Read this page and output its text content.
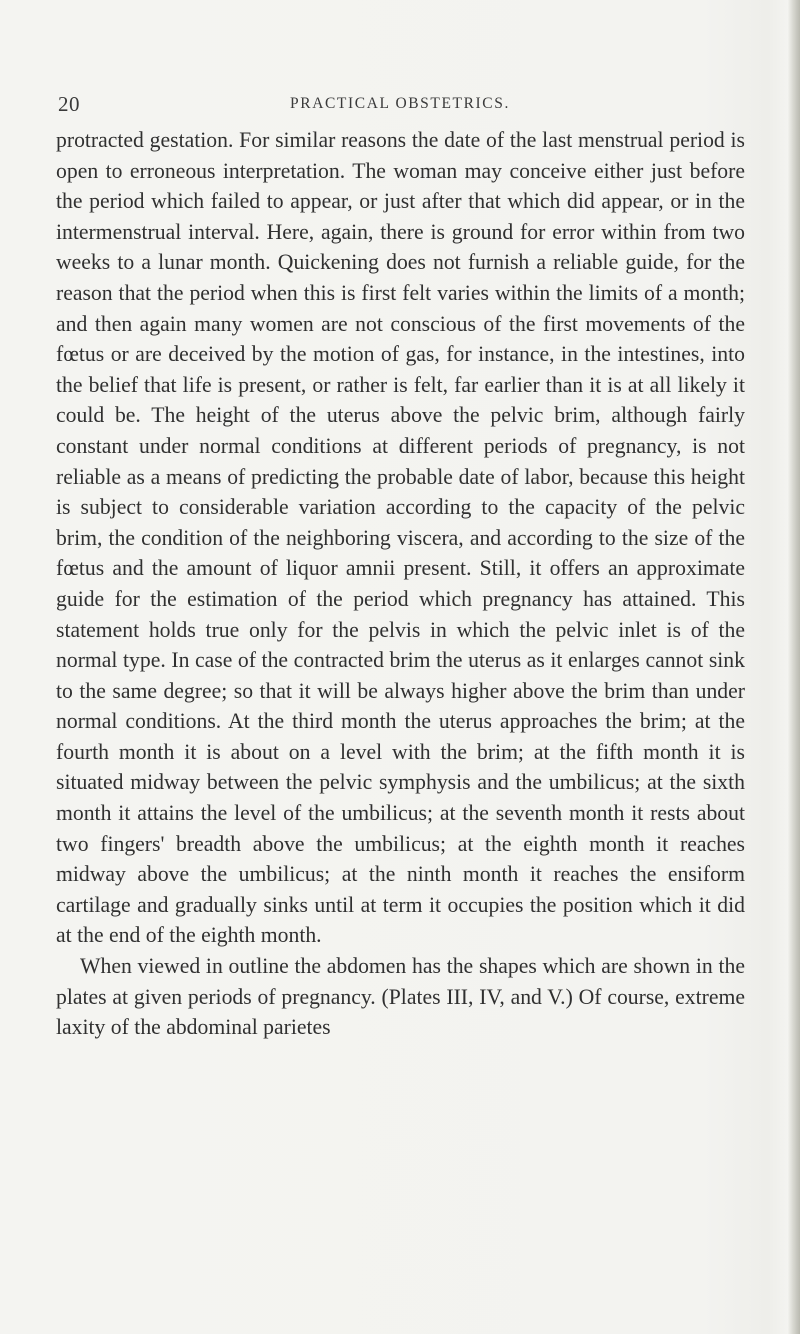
20	PRACTICAL OBSTETRICS.

protracted gestation. For similar reasons the date of the last menstrual period is open to erroneous interpretation. The woman may conceive either just before the period which failed to appear, or just after that which did appear, or in the intermenstrual interval. Here, again, there is ground for error within from two weeks to a lunar month. Quickening does not furnish a reliable guide, for the reason that the period when this is first felt varies within the limits of a month; and then again many women are not conscious of the first movements of the fœtus or are deceived by the motion of gas, for instance, in the intestines, into the belief that life is present, or rather is felt, far earlier than it is at all likely it could be. The height of the uterus above the pelvic brim, although fairly constant under normal conditions at different periods of pregnancy, is not reliable as a means of predicting the probable date of labor, because this height is subject to considerable variation according to the capacity of the pelvic brim, the condition of the neighboring viscera, and according to the size of the fœtus and the amount of liquor amnii present. Still, it offers an approximate guide for the estimation of the period which pregnancy has attained. This statement holds true only for the pelvis in which the pelvic inlet is of the normal type. In case of the contracted brim the uterus as it enlarges cannot sink to the same degree; so that it will be always higher above the brim than under normal conditions. At the third month the uterus approaches the brim; at the fourth month it is about on a level with the brim; at the fifth month it is situated midway between the pelvic symphysis and the umbilicus; at the sixth month it attains the level of the umbilicus; at the seventh month it rests about two fingers' breadth above the umbilicus; at the eighth month it reaches midway above the umbilicus; at the ninth month it reaches the ensiform cartilage and gradually sinks until at term it occupies the position which it did at the end of the eighth month.

When viewed in outline the abdomen has the shapes which are shown in the plates at given periods of pregnancy. (Plates III, IV, and V.) Of course, extreme laxity of the abdominal parietes
